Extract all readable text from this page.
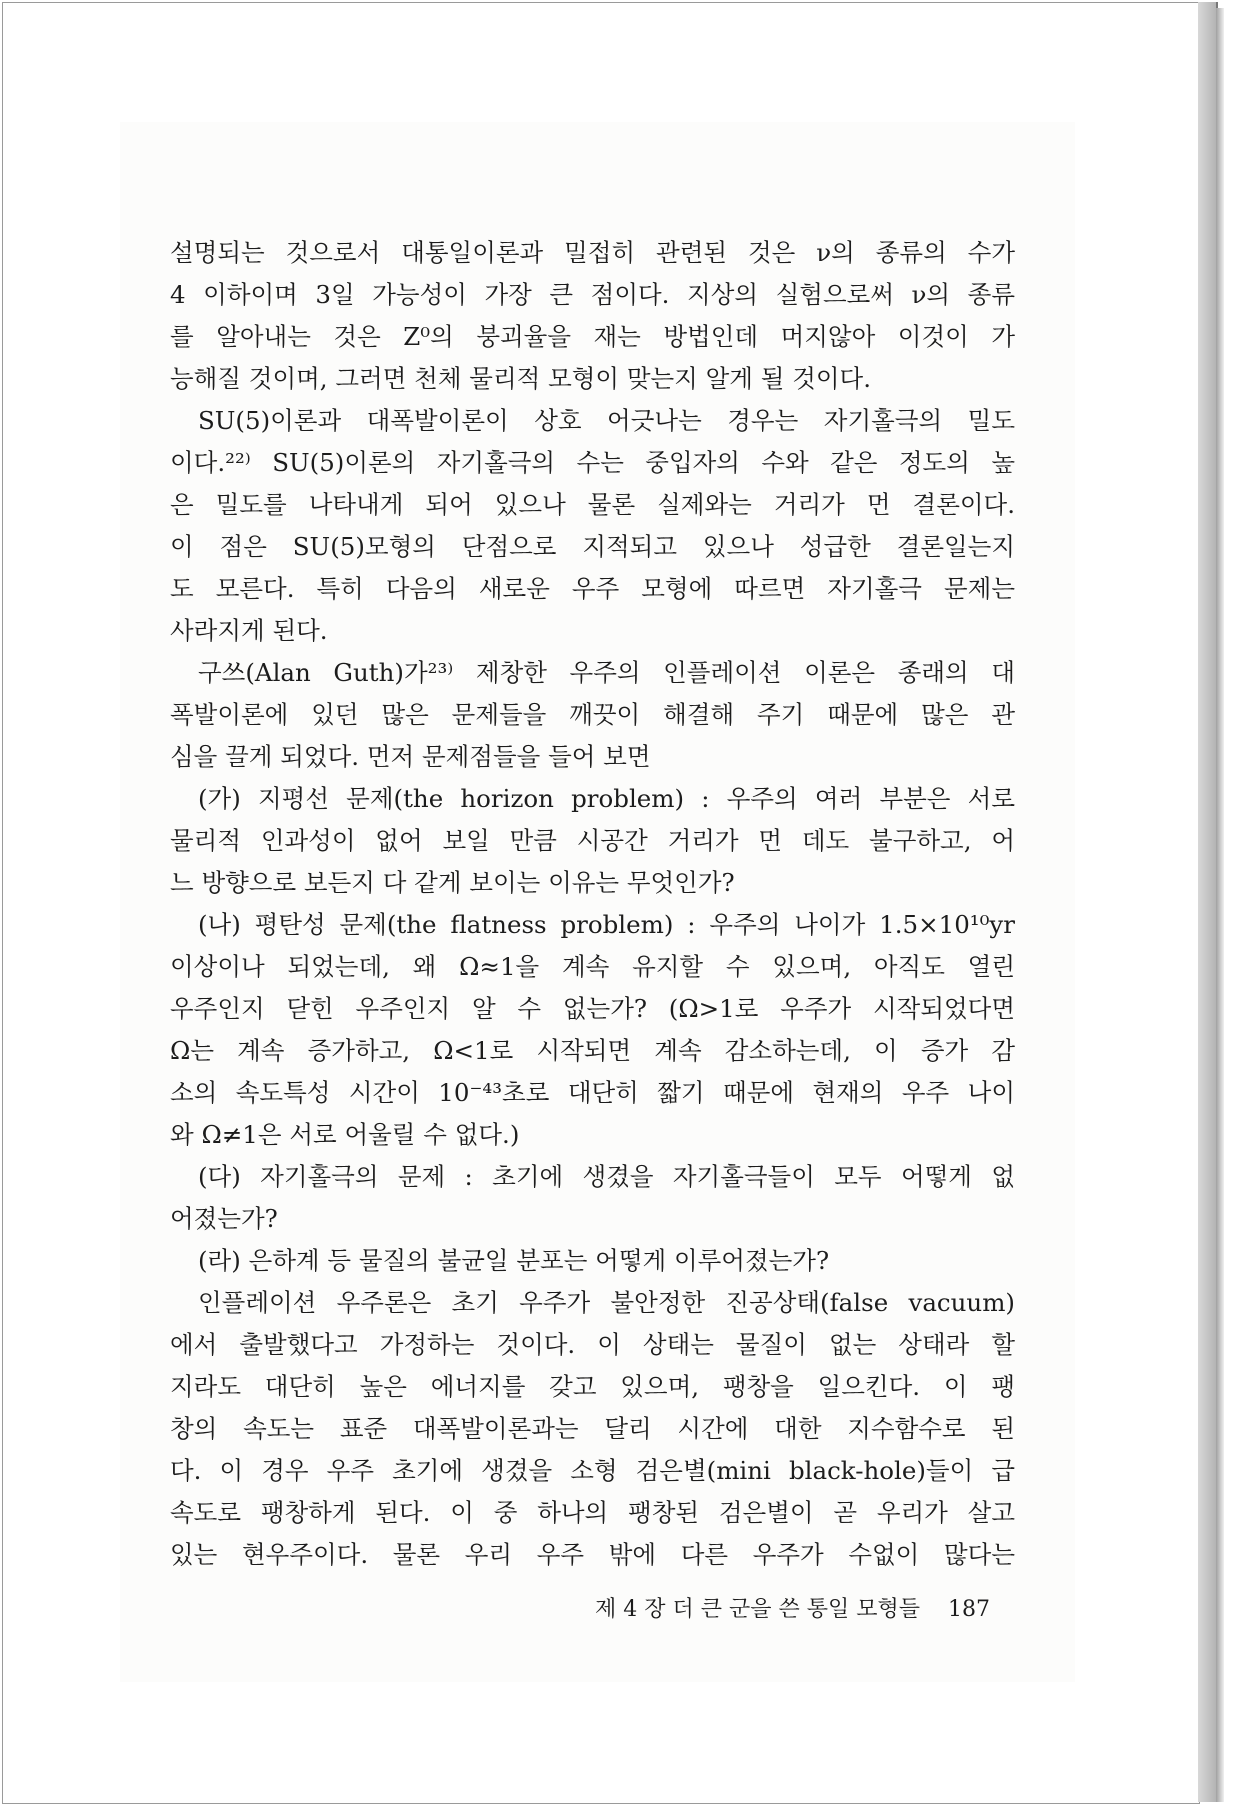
설명되는 것으로서 대통일이론과 밀접히 관련된 것은 ν의 종류의 수가
4 이하이며 3일 가능성이 가장 큰 점이다. 지상의 실험으로써 ν의 종류
를 알아내는 것은 Z⁰의 붕괴율을 재는 방법인데 머지않아 이것이 가
능해질 것이며, 그러면 천체 물리적 모형이 맞는지 알게 될 것이다.
SU(5)이론과 대폭발이론이 상호 어긋나는 경우는 자기홀극의 밀도
이다.²²⁾ SU(5)이론의 자기홀극의 수는 중입자의 수와 같은 정도의 높
은 밀도를 나타내게 되어 있으나 물론 실제와는 거리가 먼 결론이다.
이 점은 SU(5)모형의 단점으로 지적되고 있으나 성급한 결론일는지
도 모른다. 특히 다음의 새로운 우주 모형에 따르면 자기홀극 문제는
사라지게 된다.
구쓰(Alan Guth)가²³⁾ 제창한 우주의 인플레이션 이론은 종래의 대
폭발이론에 있던 많은 문제들을 깨끗이 해결해 주기 때문에 많은 관
심을 끌게 되었다. 먼저 문제점들을 들어 보면
(가) 지평선 문제(the horizon problem) : 우주의 여러 부분은 서로
물리적 인과성이 없어 보일 만큼 시공간 거리가 먼 데도 불구하고, 어
느 방향으로 보든지 다 같게 보이는 이유는 무엇인가?
(나) 평탄성 문제(the flatness problem) : 우주의 나이가 1.5×10¹⁰yr
이상이나 되었는데, 왜 Ω≈1을 계속 유지할 수 있으며, 아직도 열린
우주인지 닫힌 우주인지 알 수 없는가? (Ω>1로 우주가 시작되었다면
Ω는 계속 증가하고, Ω<1로 시작되면 계속 감소하는데, 이 증가 감
소의 속도특성 시간이 10⁻⁴³초로 대단히 짧기 때문에 현재의 우주 나이
와 Ω≠1은 서로 어울릴 수 없다.)
(다) 자기홀극의 문제 : 초기에 생겼을 자기홀극들이 모두 어떻게 없
어졌는가?
(라) 은하계 등 물질의 불균일 분포는 어떻게 이루어졌는가?
인플레이션 우주론은 초기 우주가 불안정한 진공상태(false vacuum)
에서 출발했다고 가정하는 것이다. 이 상태는 물질이 없는 상태라 할
지라도 대단히 높은 에너지를 갖고 있으며, 팽창을 일으킨다. 이 팽
창의 속도는 표준 대폭발이론과는 달리 시간에 대한 지수함수로 된
다. 이 경우 우주 초기에 생겼을 소형 검은별(mini black-hole)들이 급
속도로 팽창하게 된다. 이 중 하나의 팽창된 검은별이 곧 우리가 살고
있는 현우주이다. 물론 우리 우주 밖에 다른 우주가 수없이 많다는
제 4 장 더 큰 군을 쓴 통일 모형들 187
